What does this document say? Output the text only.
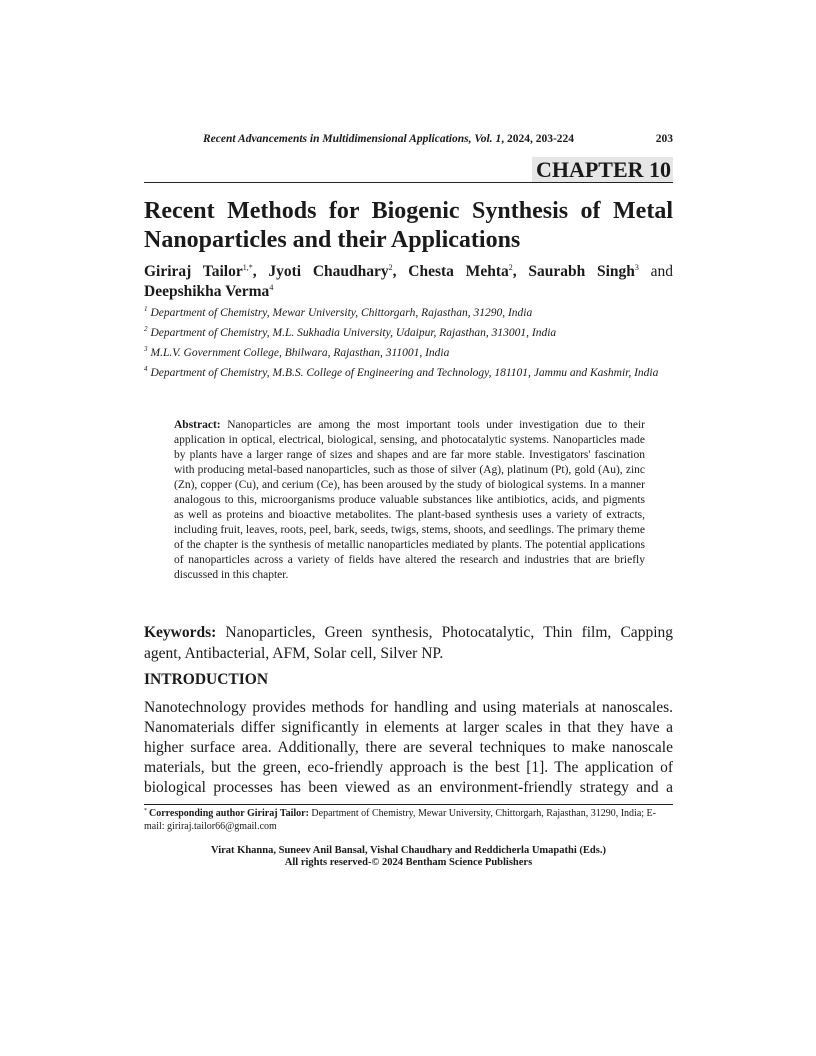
Recent Advancements in Multidimensional Applications, Vol. 1, 2024, 203-224	203
CHAPTER 10
Recent Methods for Biogenic Synthesis of Metal Nanoparticles and their Applications
Giriraj Tailor$^{1,*}$, Jyoti Chaudhary$^2$, Chesta Mehta$^2$, Saurabh Singh$^3$ and Deepshikha Verma$^4$
$^1$ Department of Chemistry, Mewar University, Chittorgarh, Rajasthan, 31290, India
$^2$ Department of Chemistry, M.L. Sukhadia University, Udaipur, Rajasthan, 313001, India
$^3$ M.L.V. Government College, Bhilwara, Rajasthan, 311001, India
$^4$ Department of Chemistry, M.B.S. College of Engineering and Technology, 181101, Jammu and Kashmir, India
Abstract: Nanoparticles are among the most important tools under investigation due to their application in optical, electrical, biological, sensing, and photocatalytic systems. Nanoparticles made by plants have a larger range of sizes and shapes and are far more stable. Investigators' fascination with producing metal-based nanoparticles, such as those of silver (Ag), platinum (Pt), gold (Au), zinc (Zn), copper (Cu), and cerium (Ce), has been aroused by the study of biological systems. In a manner analogous to this, microorganisms produce valuable substances like antibiotics, acids, and pigments as well as proteins and bioactive metabolites. The plant-based synthesis uses a variety of extracts, including fruit, leaves, roots, peel, bark, seeds, twigs, stems, shoots, and seedlings. The primary theme of the chapter is the synthesis of metallic nanoparticles mediated by plants. The potential applications of nanoparticles across a variety of fields have altered the research and industries that are briefly discussed in this chapter.
Keywords: Nanoparticles, Green synthesis, Photocatalytic, Thin film, Capping agent, Antibacterial, AFM, Solar cell, Silver NP.
INTRODUCTION
Nanotechnology provides methods for handling and using materials at nanoscales. Nanomaterials differ significantly in elements at larger scales in that they have a higher surface area. Additionally, there are several techniques to make nanoscale materials, but the green, eco-friendly approach is the best [1]. The application of biological processes has been viewed as an environment-friendly strategy and a
* Corresponding author Giriraj Tailor: Department of Chemistry, Mewar University, Chittorgarh, Rajasthan, 31290, India; E-mail: giriraj.tailor66@gmail.com
Virat Khanna, Suneev Anil Bansal, Vishal Chaudhary and Reddicherla Umapathi (Eds.)
All rights reserved-© 2024 Bentham Science Publishers
